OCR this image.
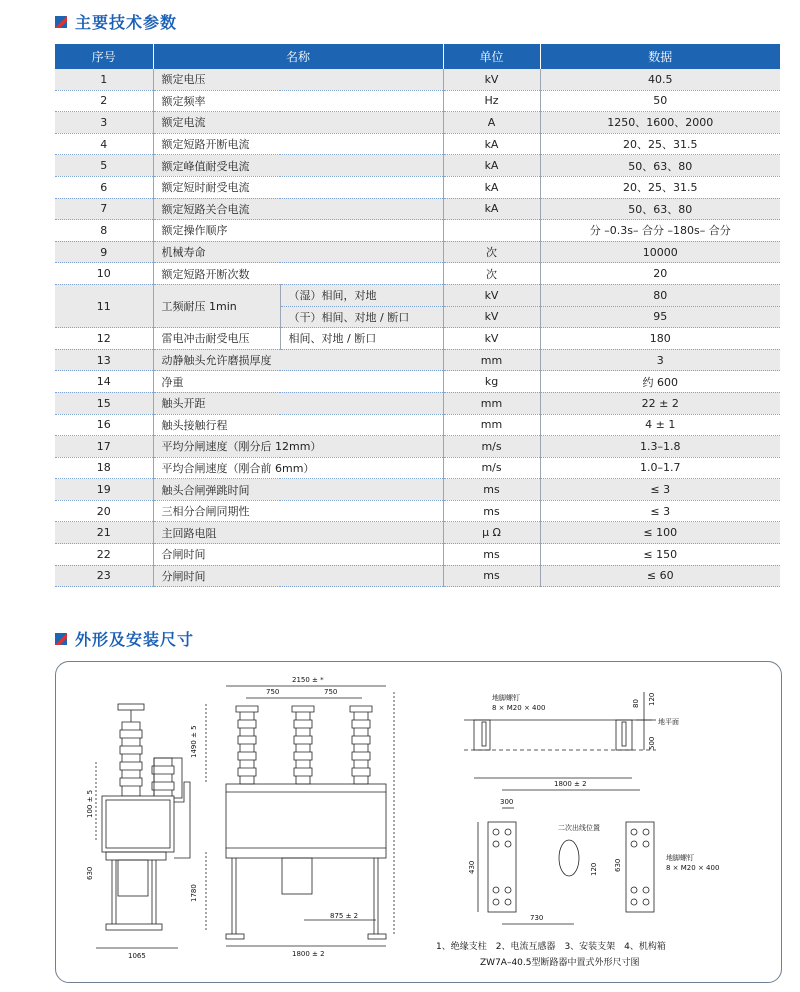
主要技术参数
序号	名称		单位	数据
1	额定电压		kV	40.5
2	额定频率		Hz	50
3	额定电流		A	1250、1600、2000
4	额定短路开断电流		kA	20、25、31.5
5	额定峰值耐受电流		kA	50、63、80
6	额定短时耐受电流		kA	20、25、31.5
7	额定短路关合电流		kA	50、63、80
8	额定操作顺序			分 –0.3s– 合分 –180s– 合分
9	机械寿命		次	10000
10	额定短路开断次数		次	20
11	工频耐压 1min	（湿）相间，对地	kV	80
		（干）相间、对地 / 断口	kV	95
12	雷电冲击耐受电压	相间、对地 / 断口	kV	180
13	动静触头允许磨损厚度		mm	3
14	净重		kg	约 600
15	触头开距		mm	22 ± 2
16	触头接触行程		mm	4 ± 1
17	平均分闸速度（刚分后 12mm）		m/s	1.3–1.8
18	平均合闸速度（刚合前 6mm）		m/s	1.0–1.7
19	触头合闸弹跳时间		ms	≤ 3
20	三相分合闸同期性		ms	≤ 3
21	主回路电阻		μ Ω	≤ 100
22	合闸时间		ms	≤ 150
23	分闸时间		ms	≤ 60
外形及安装尺寸
2150 ± *
750	750
1490 ± 5
100 ± 5
630
1780
1065
875 ± 2
1800 ± 2
地脚螺钉
8 × M20 × 400	80 120
地平面
500
1800 ± 2
300
二次出线位置
430	120 630
地脚螺钉
8 × M20 × 400
730
1、绝缘支柱　2、电流互感器　3、安装支架　4、机构箱
ZW7A–40.5型断路器中置式外形尺寸图
